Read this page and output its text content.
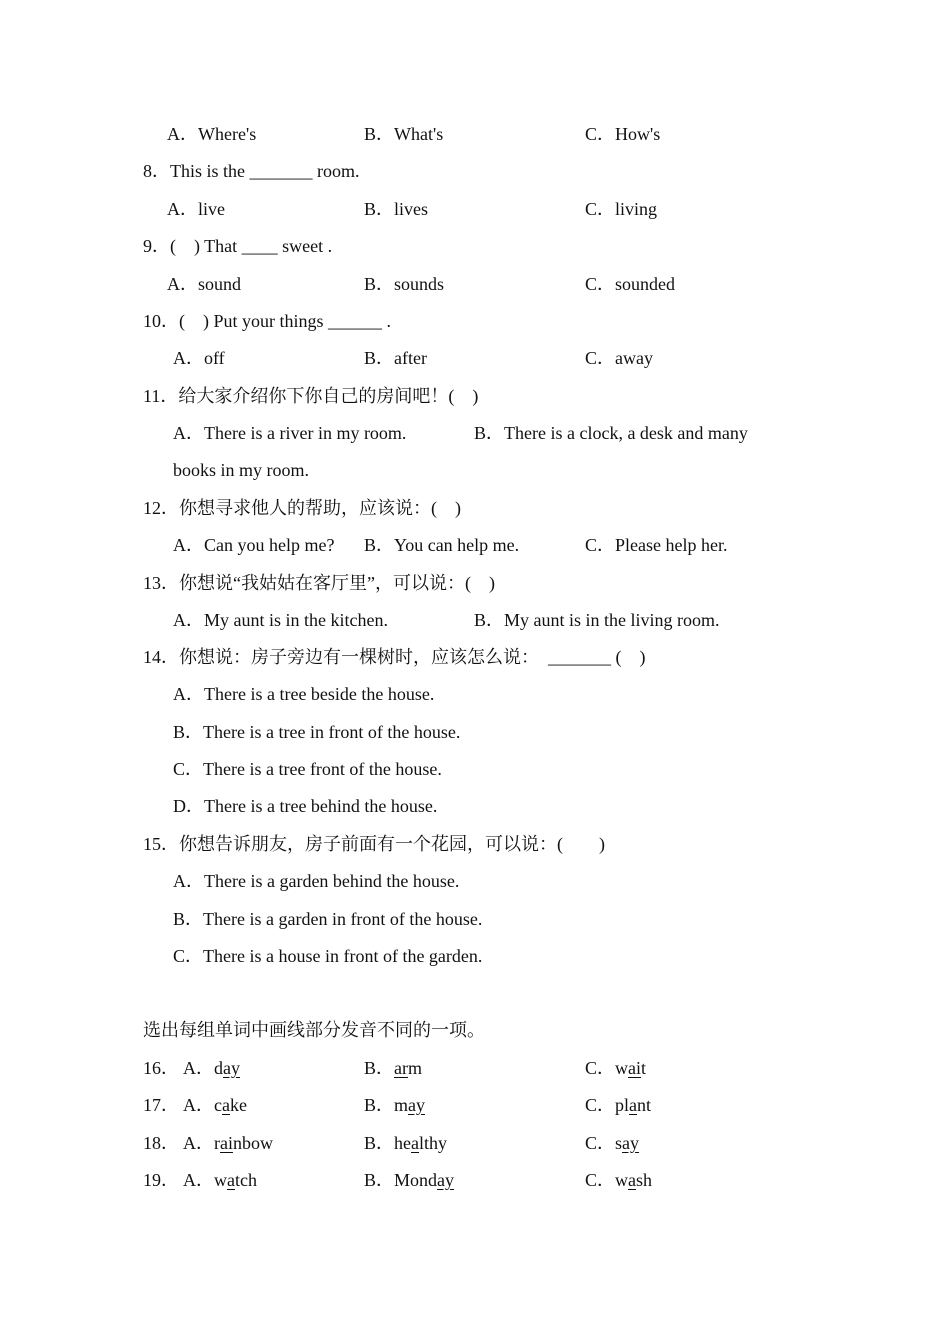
A．Where's	B．What's	C．How's
8．This is the _______ room.
A．live	B．lives	C．living
9．(　) That ____ sweet .
A．sound	B．sounds	C．sounded
10．(　) Put your things ______ .
A．off	B．after	C．away
11．给大家介绍你下你自己的房间吧！(　)
A．There is a river in my room.	B．There is a clock, a desk and many
books in my room.
12．你想寻求他人的帮助，应该说：(　)
A．Can you help me? B．You can help me.	C．Please help her.
13．你想说“我姑姑在客厅里”，可以说：(　)
A．My aunt is in the kitchen.	B．My aunt is in the living room.
14．你想说：房子旁边有一棵树时，应该怎么说：　_______ (　)
A．There is a tree beside the house.
B．There is a tree in front of the house.
C．There is a tree front of the house.
D．There is a tree behind the house.
15．你想告诉朋友，房子前面有一个花园，可以说：(　　)
A．There is a garden behind the house.
B．There is a garden in front of the house.
C．There is a house in front of the garden.
选出每组单词中画线部分发音不同的一项。
16． A．day	B．arm	C．wait
17． A．cake	B．may	C．plant
18． A．rainbow	B．healthy	C．say
19． A．watch	B．Monday	C．wash
